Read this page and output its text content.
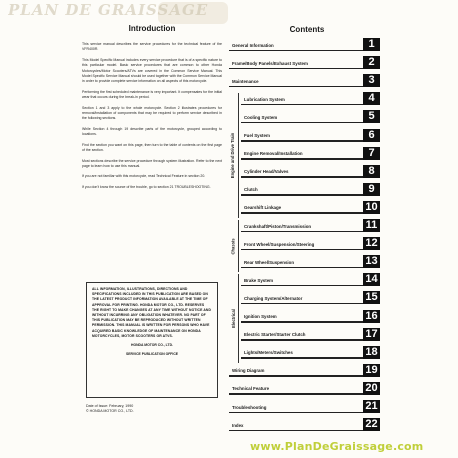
PLAN DE GRAISSAGE
Introduction

This service manual describes the service procedures for the technical feature of the VFR400R.

This Model Specific Manual includes every service procedure that is of a specific nature to this particular model. Basic service procedures that are common to other Honda Motorcycles/Motor Scooters/ATVs are covered in the Common Service Manual. This Model Specific Service Manual should be used together with the Common Service Manual in order to provide complete service information on all aspects of this motorcycle.

Performing the first scheduled maintenance is very important. It compensates for the initial wear that occurs during the break-in period.

Section 1 and 3 apply to the whole motorcycle. Section 2 illustrates procedures for removal/installation of components that may be required to perform service described in the following sections.

While Section 4 through 19 describe parts of the motorcycle, grouped according to locations.

Find the section you want on this page, then turn to the table of contents on the first page of the section.

Most sections describe the service procedure through system illustration. Refer to the next page to learn how to use this manual.

If you are not familiar with this motorcycle, read Technical Feature in section 20.

If you don't know the source of the trouble, go to section 21 TROUBLESHOOTING.

ALL INFORMATION, ILLUSTRATIONS, DIRECTIONS AND SPECIFICATIONS INCLUDED IN THIS PUBLICATION ARE BASED ON THE LATEST PRODUCT INFORMATION AVAILABLE AT THE TIME OF APPROVAL FOR PRINTING. HONDA MOTOR CO., LTD. RESERVES THE RIGHT TO MAKE CHANGES AT ANY TIME WITHOUT NOTICE AND WITHOUT INCURRING ANY OBLIGATION WHATEVER. NO PART OF THIS PUBLICATION MAY BE REPRODUCED WITHOUT WRITTEN PERMISSION. THIS MANUAL IS WRITTEN FOR PERSONS WHO HAVE ACQUIRED BASIC KNOWLEDGE OF MAINTENANCE ON HONDA MOTORCYCLES, MOTOR SCOOTERS OR ATVS.
HONDA MOTOR CO., LTD.
SERVICE PUBLICATION OFFICE
Date of Issue: February, 1990
© HONDA MOTOR CO., LTD.
Contents
General Information	1
Frame/Body Panels/Exhaust System	2
Maintenance	3
Lubrication System	4
Cooling System	5
Fuel System	6
Engine Removal/Installation	7
Cylinder Head/Valves	8
Clutch	9
Gearshift Linkage	10
Crankshaft/Piston/Transmission	11
Front Wheel/Suspension/Steering	12
Rear Wheel/Suspension	13
Brake System	14
Charging System/Alternator	15
Ignition System	16
Electric Starter/Starter Clutch	17
Lights/Meters/Switches	18
Wiring Diagram	19
Technical Feature	20
Troubleshooting	21
Index	22
Engine and Drive Train
Chassis
Electrical
www.PlanDeGraissage.com
